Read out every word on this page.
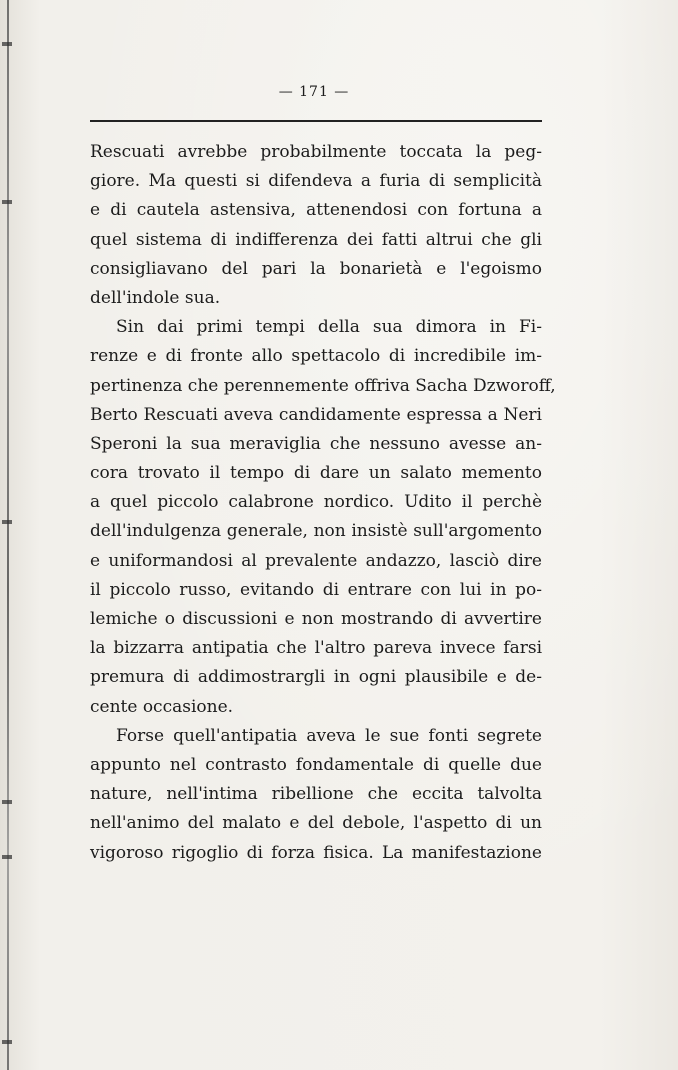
— 171 —
Rescuati avrebbe probabilmente toccata la peg-
giore. Ma questi si difendeva a furia di semplicità
e di cautela astensiva, attenendosi con fortuna a
quel sistema di indifferenza dei fatti altrui che gli
consigliavano del pari la bonarietà e l'egoismo
dell'indole sua.
Sin dai primi tempi della sua dimora in Fi-
renze e di fronte allo spettacolo di incredibile im-
pertinenza che perennemente offriva Sacha Dzworoff,
Berto Rescuati aveva candidamente espressa a Neri
Speroni la sua meraviglia che nessuno avesse an-
cora trovato il tempo di dare un salato memento
a quel piccolo calabrone nordico. Udito il perchè
dell'indulgenza generale, non insistè sull'argomento
e uniformandosi al prevalente andazzo, lasciò dire
il piccolo russo, evitando di entrare con lui in po-
lemiche o discussioni e non mostrando di avvertire
la bizzarra antipatia che l'altro pareva invece farsi
premura di addimostrargli in ogni plausibile e de-
cente occasione.
Forse quell'antipatia aveva le sue fonti segrete
appunto nel contrasto fondamentale di quelle due
nature, nell'intima ribellione che eccita talvolta
nell'animo del malato e del debole, l'aspetto di un
vigoroso rigoglio di forza fisica. La manifestazione
